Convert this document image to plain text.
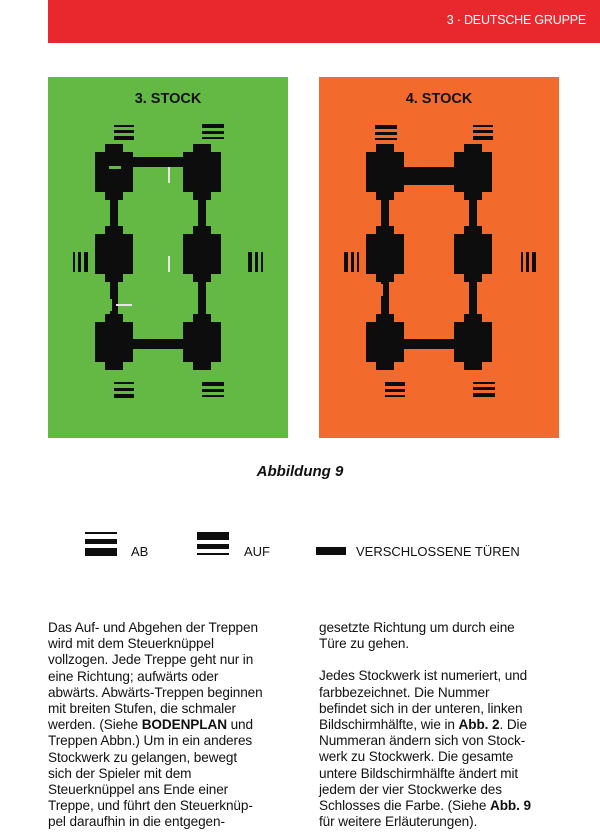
3 · DEUTSCHE GRUPPE
3. STOCK	4. STOCK
Abbildung 9
AB	AUF	VERSCHLOSSENE TÜREN

Das Auf- und Abgehen der Treppen

wird mit dem Steuerknüppel

vollzogen. Jede Treppe geht nur in

eine Richtung; aufwärts oder

abwärts. Abwärts-Treppen beginnen

mit breiten Stufen, die schmaler

werden. (Siehe BODENPLAN und

Treppen Abbn.) Um in ein anderes

Stockwerk zu gelangen, bewegt

sich der Spieler mit dem

Steuerknüppel ans Ende einer

Treppe, und führt den Steuerknüp-

pel daraufhin in die entgegen-

gesetzte Richtung um durch eine

Türe zu gehen.

Jedes Stockwerk ist numeriert, und

farbbezeichnet. Die Nummer

befindet sich in der unteren, linken

Bildschirmhälfte, wie in Abb. 2. Die

Nummeran ändern sich von Stock-

werk zu Stockwerk. Die gesamte

untere Bildschirmhälfte ändert mit

jedem der vier Stockwerke des

Schlosses die Farbe. (Siehe Abb. 9

für weitere Erläuterungen).
